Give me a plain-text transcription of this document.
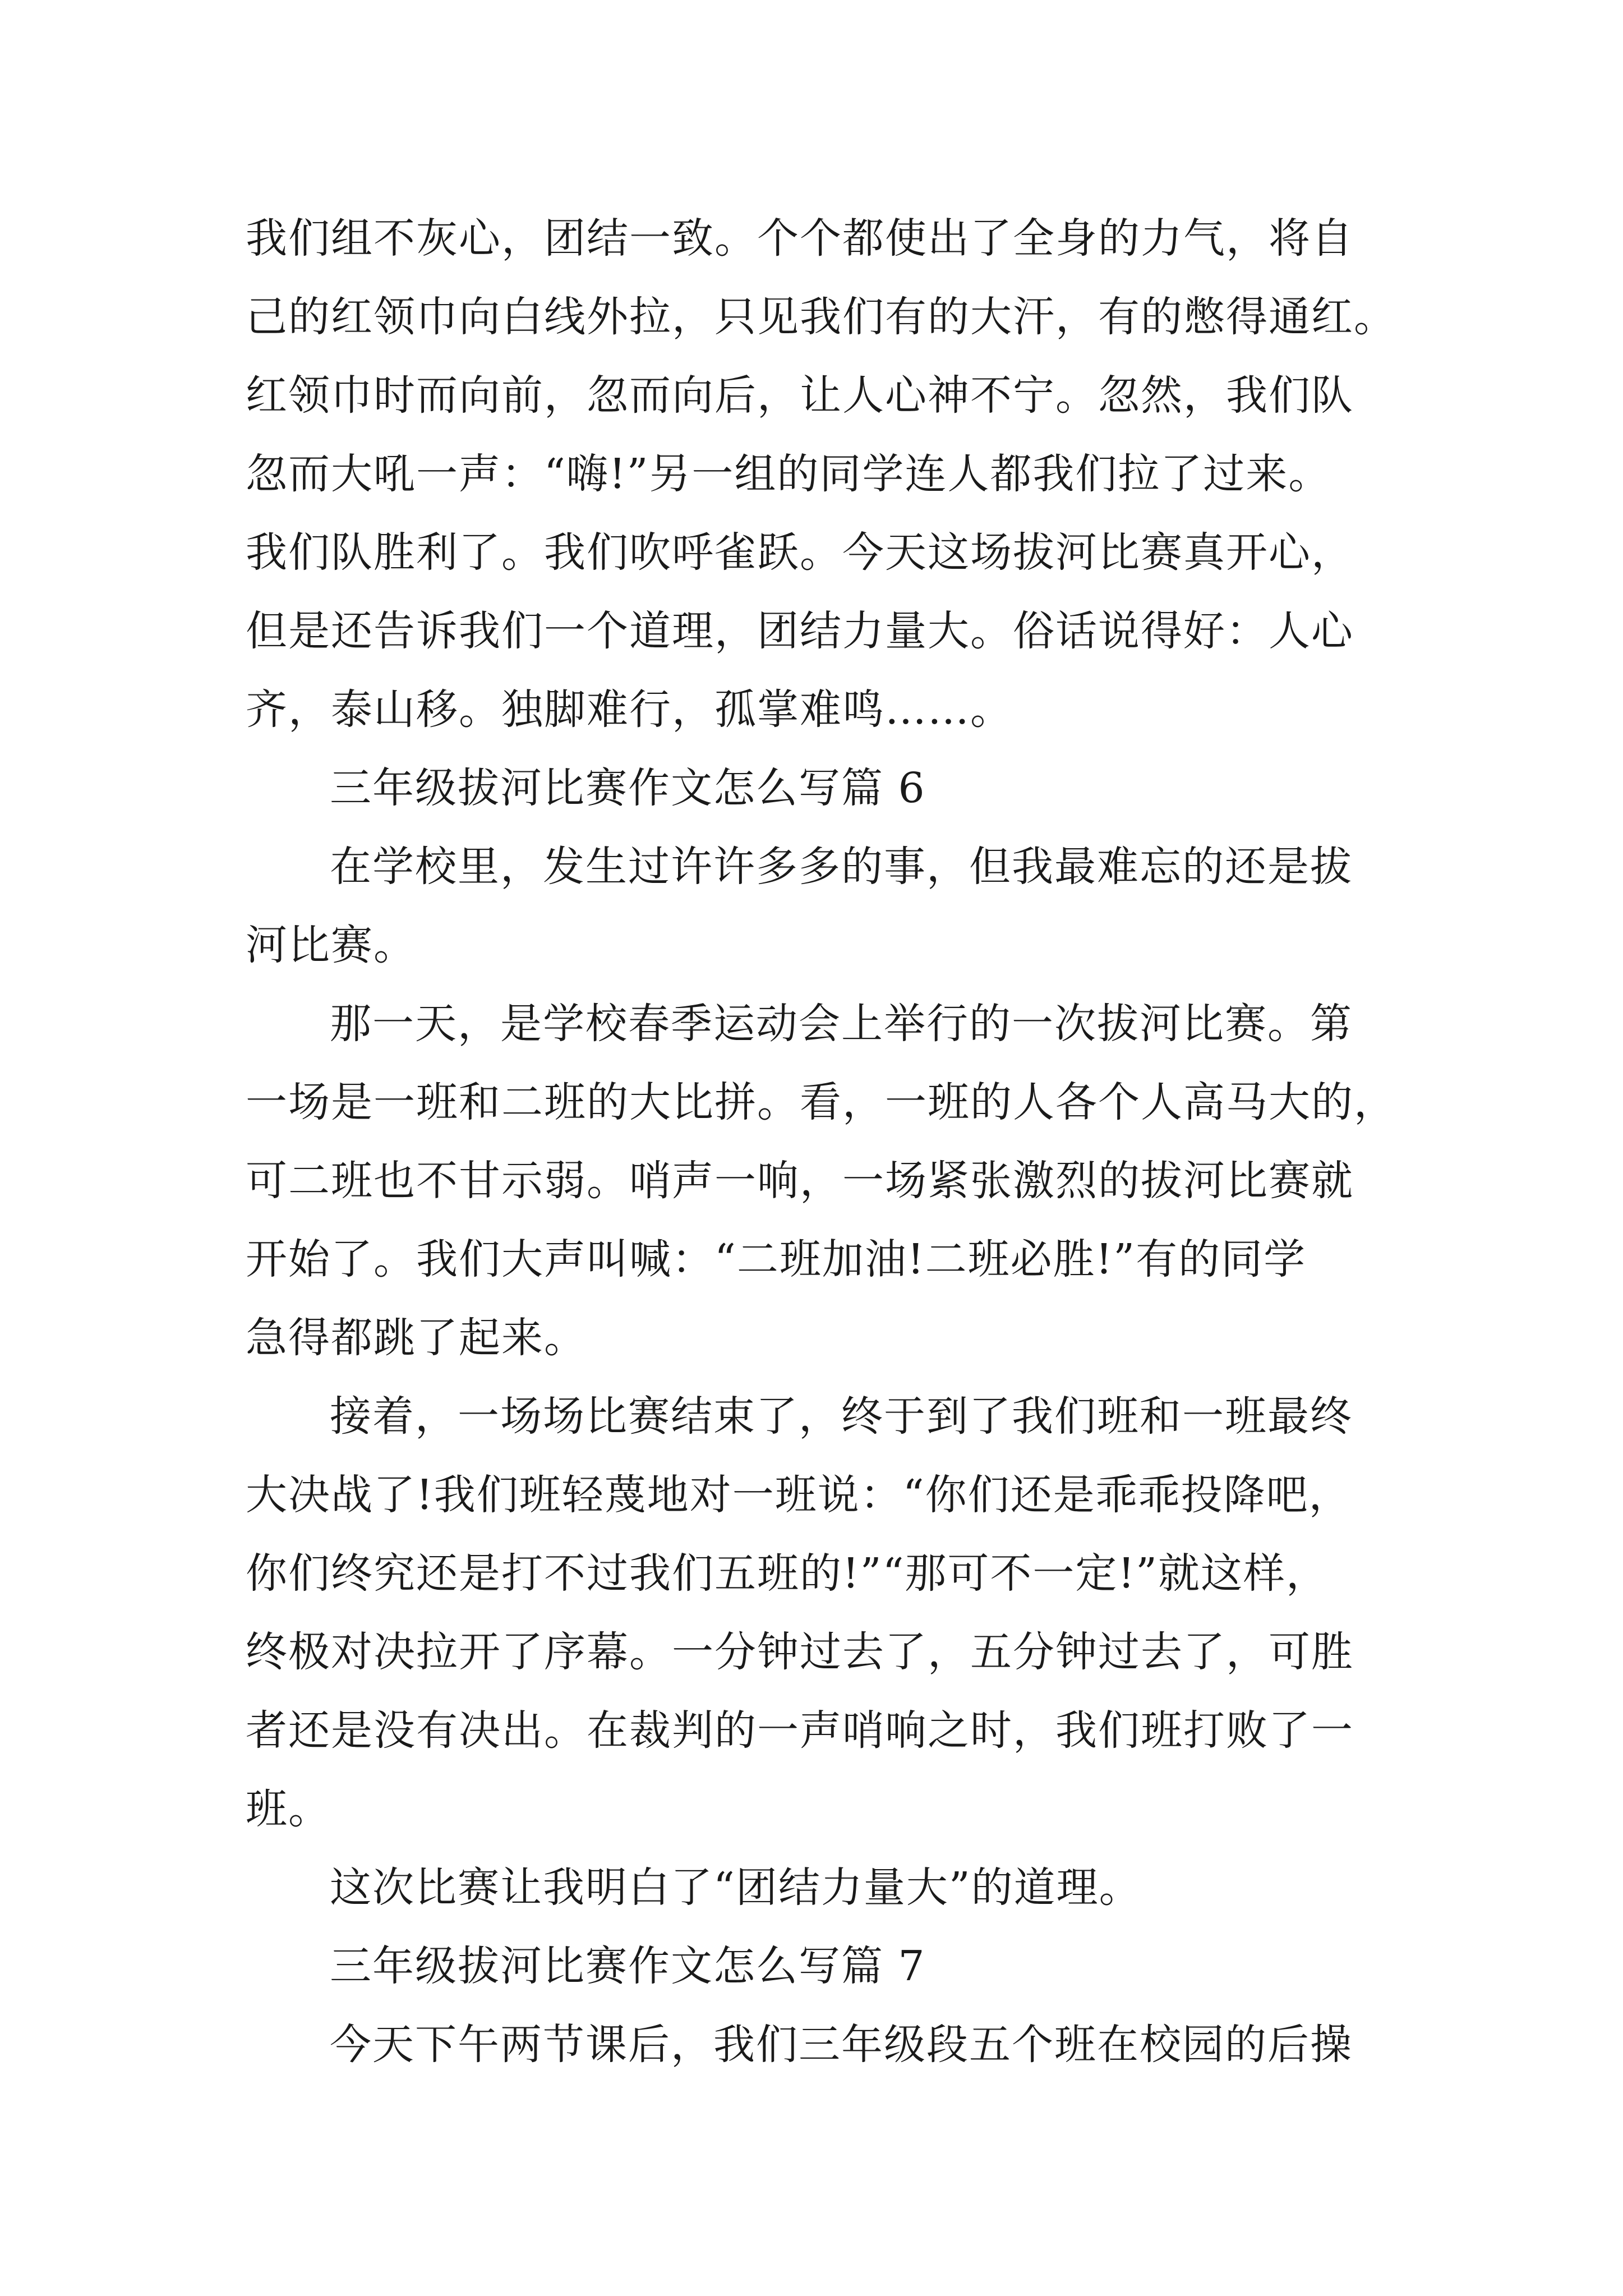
我们组不灰心，团结一致。个个都使出了全身的力气，将自
己的红领巾向白线外拉，只见我们有的大汗，有的憋得通红。
红领巾时而向前，忽而向后，让人心神不宁。忽然，我们队
忽而大吼一声：“嗨!”另一组的同学连人都我们拉了过来。
我们队胜利了。我们吹呼雀跃。今天这场拔河比赛真开心，
但是还告诉我们一个道理，团结力量大。俗话说得好：人心
齐，泰山移。独脚难行，孤掌难鸣……。
三年级拔河比赛作文怎么写篇 6
在学校里，发生过许许多多的事，但我最难忘的还是拔
河比赛。
那一天，是学校春季运动会上举行的一次拔河比赛。第
一场是一班和二班的大比拼。看，一班的人各个人高马大的，
可二班也不甘示弱。哨声一响，一场紧张激烈的拔河比赛就
开始了。我们大声叫喊：“二班加油!二班必胜!”有的同学
急得都跳了起来。
接着，一场场比赛结束了，终于到了我们班和一班最终
大决战了!我们班轻蔑地对一班说：“你们还是乖乖投降吧，
你们终究还是打不过我们五班的!”“那可不一定!”就这样，
终极对决拉开了序幕。一分钟过去了，五分钟过去了，可胜
者还是没有决出。在裁判的一声哨响之时，我们班打败了一
班。
这次比赛让我明白了“团结力量大”的道理。
三年级拔河比赛作文怎么写篇 7
今天下午两节课后，我们三年级段五个班在校园的后操
